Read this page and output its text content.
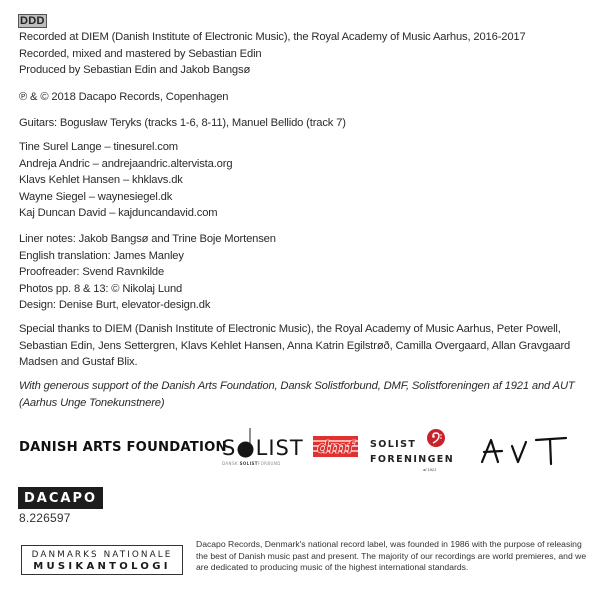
DDD
Recorded at DIEM (Danish Institute of Electronic Music), the Royal Academy of Music Aarhus, 2016-2017
Recorded, mixed and mastered by Sebastian Edin
Produced by Sebastian Edin and Jakob Bangsø
℗ & © 2018 Dacapo Records, Copenhagen
Guitars: Bogusław Teryks (tracks 1-6, 8-11), Manuel Bellido (track 7)
Tine Surel Lange – tinesurel.com
Andreja Andric – andrejaandric.altervista.org
Klavs Kehlet Hansen – khklavs.dk
Wayne Siegel – waynesiegel.dk
Kaj Duncan David – kajduncandavid.com
Liner notes: Jakob Bangsø and Trine Boje Mortensen
English translation: James Manley
Proofreader: Svend Ravnkilde
Photos pp. 8 & 13: © Nikolaj Lund
Design: Denise Burt, elevator-design.dk
Special thanks to DIEM (Danish Institute of Electronic Music), the Royal Academy of Music Aarhus, Peter Powell, Sebastian Edin, Jens Settergren, Klavs Kehlet Hansen, Anna Katrin Egilstrøð, Camilla Overgaard, Allan Gravgaard Madsen and Gustaf Blix.
With generous support of the Danish Arts Foundation, Dansk Solistforbund, DMF, Solistforeningen af 1921 and AUT (Aarhus Unge Tonekunstnere)
DANISH ARTS FOUNDATION
S●LIST
DANSK SOLISTFORBUND
dmf SOLIST
FORENINGEN
af 1921
DACAPO
8.226597
DANMARKS NATIONALE
MUSIKANTOLOGI
Dacapo Records, Denmark's national record label, was founded in 1986 with the purpose of releasing the best of Danish music past and present. The majority of our recordings are world premieres, and we are dedicated to producing music of the highest international standards.
